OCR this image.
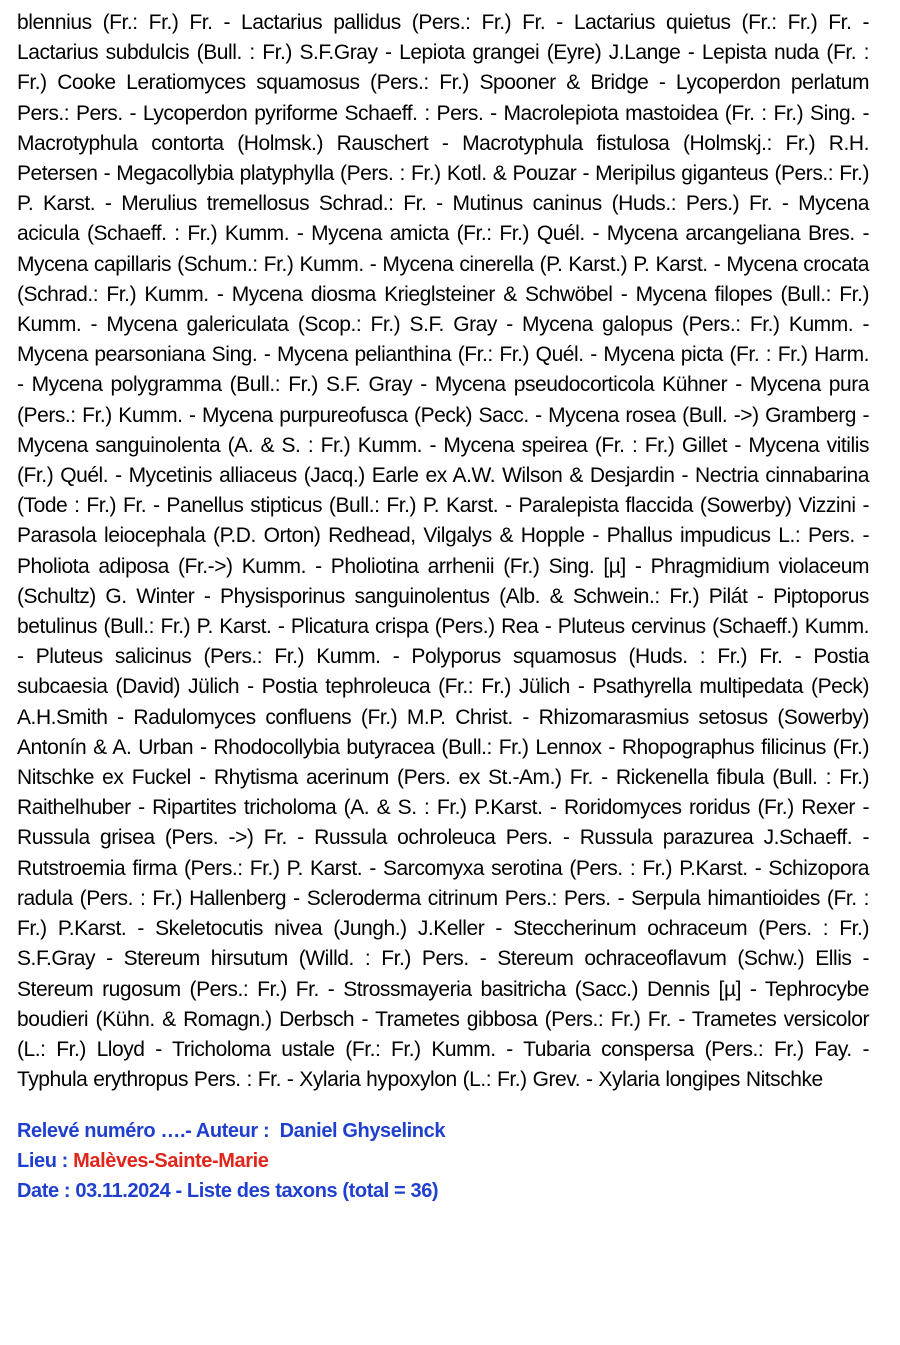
blennius (Fr.: Fr.) Fr. - Lactarius pallidus (Pers.: Fr.) Fr. - Lactarius quietus (Fr.: Fr.) Fr. - Lactarius subdulcis (Bull. : Fr.) S.F.Gray - Lepiota grangei (Eyre) J.Lange - Lepista nuda (Fr. : Fr.) Cooke Leratiomyces squamosus (Pers.: Fr.) Spooner & Bridge - Lycoperdon perlatum Pers.: Pers. - Lycoperdon pyriforme Schaeff. : Pers. - Macrolepiota mastoidea (Fr. : Fr.) Sing. - Macrotyphula contorta (Holmsk.) Rauschert - Macrotyphula fistulosa (Holmskj.: Fr.) R.H. Petersen - Megacollybia platyphylla (Pers. : Fr.) Kotl. & Pouzar - Meripilus giganteus (Pers.: Fr.) P. Karst. - Merulius tremellosus Schrad.: Fr. - Mutinus caninus (Huds.: Pers.) Fr. - Mycena acicula (Schaeff. : Fr.) Kumm. - Mycena amicta (Fr.: Fr.) Quél. - Mycena arcangeliana Bres. - Mycena capillaris (Schum.: Fr.) Kumm. - Mycena cinerella (P. Karst.) P. Karst. - Mycena crocata (Schrad.: Fr.) Kumm. - Mycena diosma Krieglsteiner & Schwöbel - Mycena filopes (Bull.: Fr.) Kumm. - Mycena galericulata (Scop.: Fr.) S.F. Gray - Mycena galopus (Pers.: Fr.) Kumm. - Mycena pearsoniana Sing. - Mycena pelianthina (Fr.: Fr.) Quél. - Mycena picta (Fr. : Fr.) Harm. - Mycena polygramma (Bull.: Fr.) S.F. Gray - Mycena pseudocorticola Kühner - Mycena pura (Pers.: Fr.) Kumm. - Mycena purpureofusca (Peck) Sacc. - Mycena rosea (Bull. ->) Gramberg - Mycena sanguinolenta (A. & S. : Fr.) Kumm. - Mycena speirea (Fr. : Fr.) Gillet - Mycena vitilis (Fr.) Quél. - Mycetinis alliaceus (Jacq.) Earle ex A.W. Wilson & Desjardin - Nectria cinnabarina (Tode : Fr.) Fr. - Panellus stipticus (Bull.: Fr.) P. Karst. - Paralepista flaccida (Sowerby) Vizzini - Parasola leiocephala (P.D. Orton) Redhead, Vilgalys & Hopple - Phallus impudicus L.: Pers. - Pholiota adiposa (Fr.->) Kumm. - Pholiotina arrhenii (Fr.) Sing. [µ] - Phragmidium violaceum (Schultz) G. Winter - Physisporinus sanguinolentus (Alb. & Schwein.: Fr.) Pilát - Piptoporus betulinus (Bull.: Fr.) P. Karst. - Plicatura crispa (Pers.) Rea - Pluteus cervinus (Schaeff.) Kumm. - Pluteus salicinus (Pers.: Fr.) Kumm. - Polyporus squamosus (Huds. : Fr.) Fr. - Postia subcaesia (David) Jülich - Postia tephroleuca (Fr.: Fr.) Jülich - Psathyrella multipedata (Peck) A.H.Smith - Radulomyces confluens (Fr.) M.P. Christ. - Rhizomarasmius setosus (Sowerby) Antonín & A. Urban - Rhodocollybia butyracea (Bull.: Fr.) Lennox - Rhopographus filicinus (Fr.) Nitschke ex Fuckel - Rhytisma acerinum (Pers. ex St.-Am.) Fr. - Rickenella fibula (Bull. : Fr.) Raithelhuber - Ripartites tricholoma (A. & S. : Fr.) P.Karst. - Roridomyces roridus (Fr.) Rexer - Russula grisea (Pers. ->) Fr. - Russula ochroleuca Pers. - Russula parazurea J.Schaeff. - Rutstroemia firma (Pers.: Fr.) P. Karst. - Sarcomyxa serotina (Pers. : Fr.) P.Karst. - Schizopora radula (Pers. : Fr.) Hallenberg - Scleroderma citrinum Pers.: Pers. - Serpula himantioides (Fr. : Fr.) P.Karst. - Skeletocutis nivea (Jungh.) J.Keller - Steccherinum ochraceum (Pers. : Fr.) S.F.Gray - Stereum hirsutum (Willd. : Fr.) Pers. - Stereum ochraceoflavum (Schw.) Ellis - Stereum rugosum (Pers.: Fr.) Fr. - Strossmayeria basitricha (Sacc.) Dennis [µ] - Tephrocybe boudieri (Kühn. & Romagn.) Derbsch - Trametes gibbosa (Pers.: Fr.) Fr. - Trametes versicolor (L.: Fr.) Lloyd - Tricholoma ustale (Fr.: Fr.) Kumm. - Tubaria conspersa (Pers.: Fr.) Fay. - Typhula erythropus Pers. : Fr. - Xylaria hypoxylon (L.: Fr.) Grev. - Xylaria longipes Nitschke

Relevé numéro ….- Auteur : Daniel Ghyselinck
Lieu : Malèves-Sainte-Marie
Date : 03.11.2024 - Liste des taxons (total = 36)
